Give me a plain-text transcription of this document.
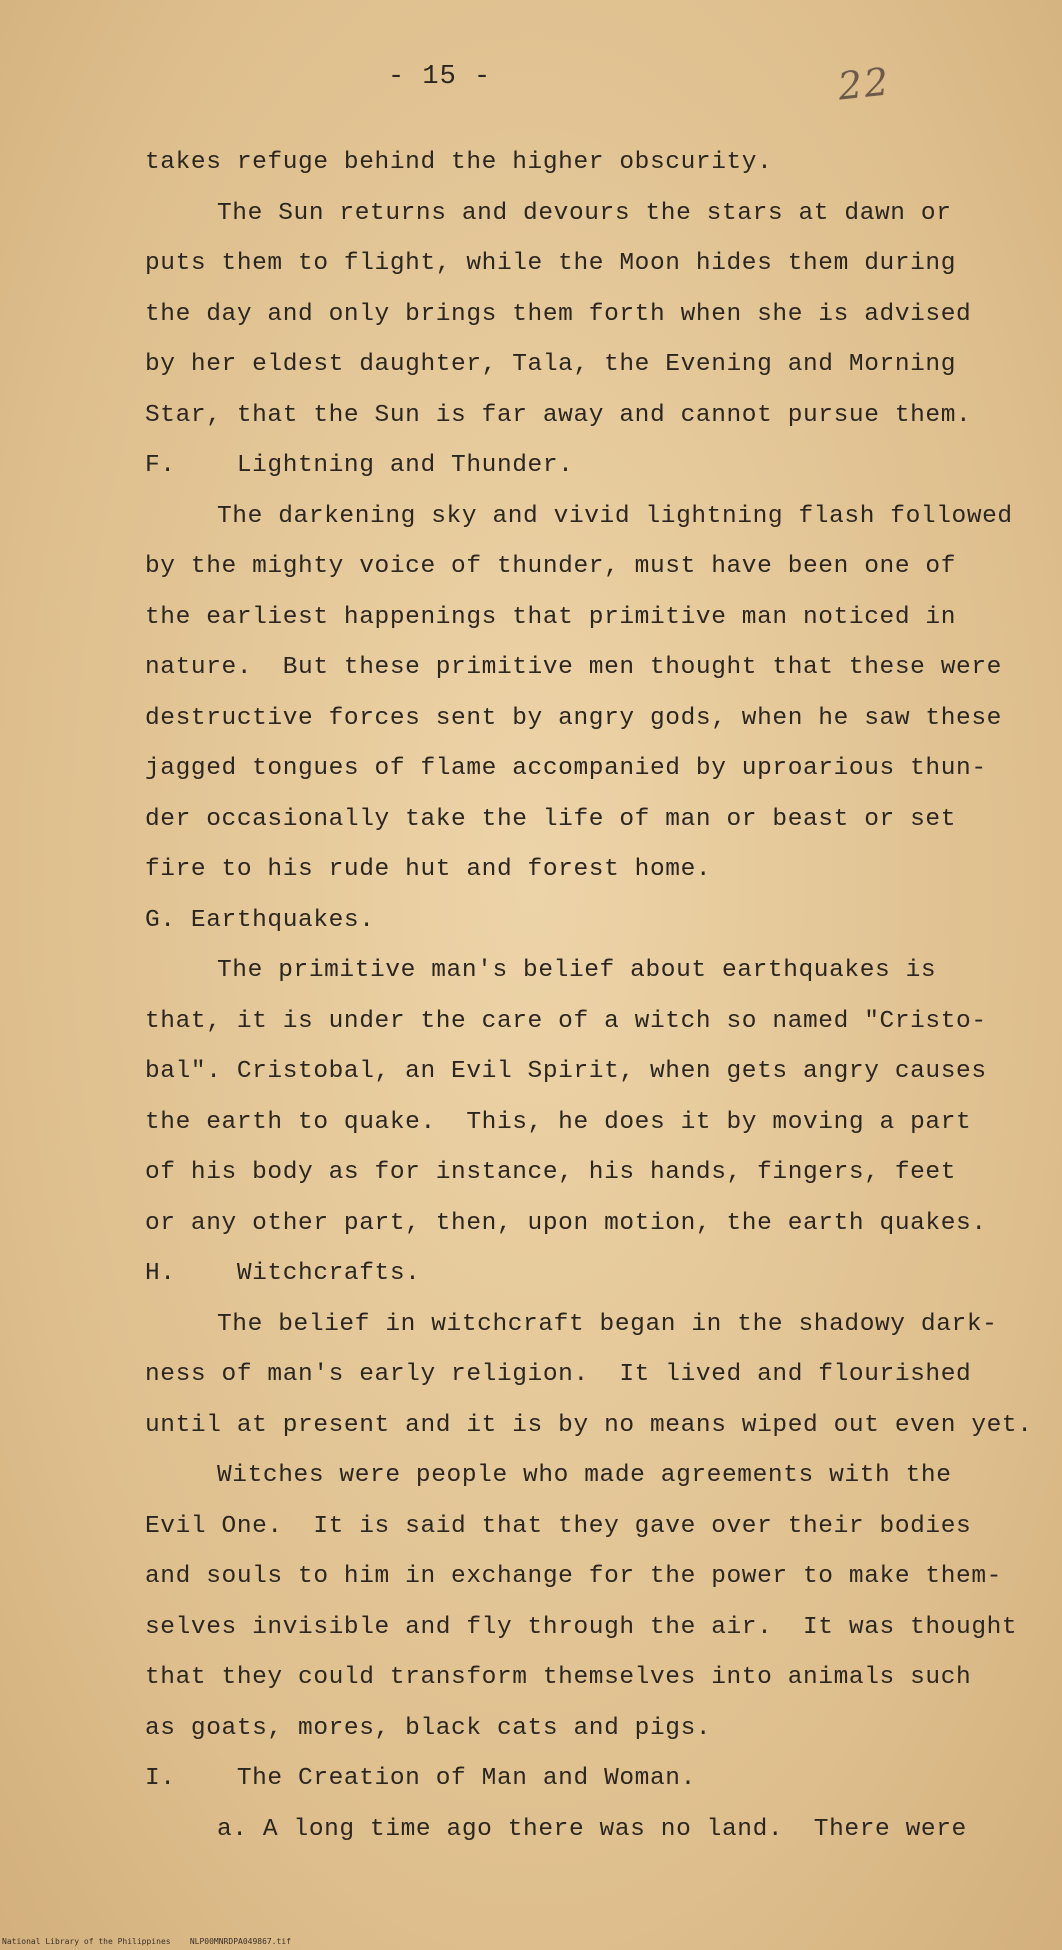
- 15 -	22
takes refuge behind the higher obscurity.
The Sun returns and devours the stars at dawn or
puts them to flight, while the Moon hides them during
the day and only brings them forth when she is advised
by her eldest daughter, Tala, the Evening and Morning
Star, that the Sun is far away and cannot pursue them.
F.    Lightning and Thunder.
The darkening sky and vivid lightning flash followed
by the mighty voice of thunder, must have been one of
the earliest happenings that primitive man noticed in
nature.  But these primitive men thought that these were
destructive forces sent by angry gods, when he saw these
jagged tongues of flame accompanied by uproarious thun-
der occasionally take the life of man or beast or set
fire to his rude hut and forest home.
G. Earthquakes.
The primitive man's belief about earthquakes is
that, it is under the care of a witch so named "Cristo-
bal". Cristobal, an Evil Spirit, when gets angry causes
the earth to quake.  This, he does it by moving a part
of his body as for instance, his hands, fingers, feet
or any other part, then, upon motion, the earth quakes.
H.    Witchcrafts.
The belief in witchcraft began in the shadowy dark-
ness of man's early religion.  It lived and flourished
until at present and it is by no means wiped out even yet.
Witches were people who made agreements with the
Evil One.  It is said that they gave over their bodies
and souls to him in exchange for the power to make them-
selves invisible and fly through the air.  It was thought
that they could transform themselves into animals such
as goats, mores, black cats and pigs.
I.    The Creation of Man and Woman.
a. A long time ago there was no land.  There were
National Library of the Philippines NLP00MNRDPA049867.tif
